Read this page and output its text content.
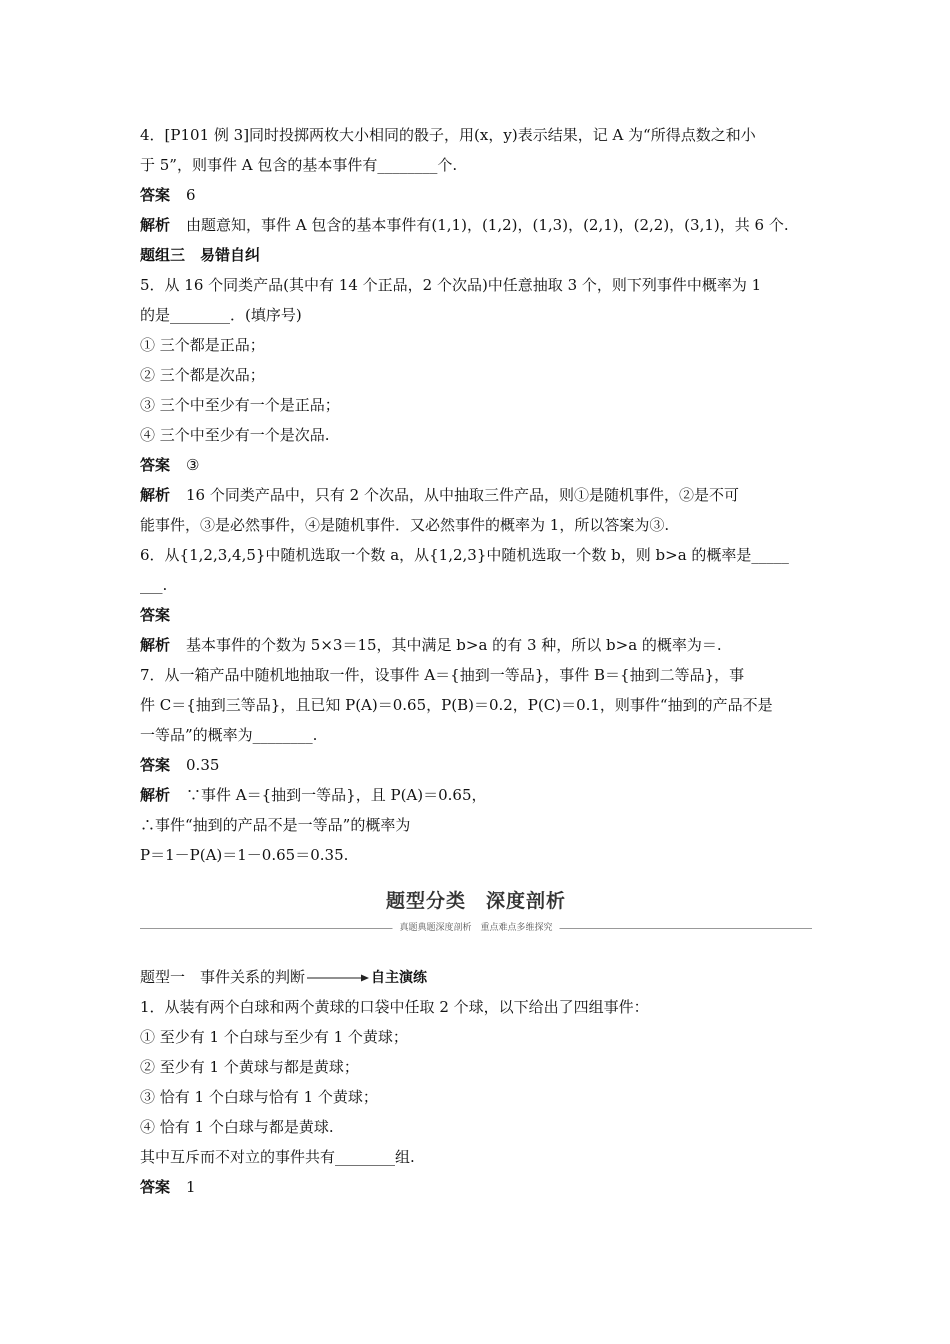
4．[P101 例 3]同时投掷两枚大小相同的骰子，用(x，y)表示结果，记 A 为“所得点数之和小
于 5”，则事件 A 包含的基本事件有________个.
答案 6
解析 由题意知，事件 A 包含的基本事件有(1,1)，(1,2)，(1,3)，(2,1)，(2,2)，(3,1)，共 6 个.
题组三　易错自纠
5．从 16 个同类产品(其中有 14 个正品，2 个次品)中任意抽取 3 个，则下列事件中概率为 1
的是________．(填序号)
① 三个都是正品；
② 三个都是次品；
③ 三个中至少有一个是正品；
④ 三个中至少有一个是次品.
答案 ③
解析 16 个同类产品中，只有 2 个次品，从中抽取三件产品，则①是随机事件，②是不可
能事件，③是必然事件，④是随机事件．又必然事件的概率为 1，所以答案为③.
6．从{1,2,3,4,5}中随机选取一个数 a，从{1,2,3}中随机选取一个数 b，则 b>a 的概率是_____
___.
答案
解析 基本事件的个数为 5×3＝15，其中满足 b>a 的有 3 种，所以 b>a 的概率为＝.
7．从一箱产品中随机地抽取一件，设事件 A＝{抽到一等品}，事件 B＝{抽到二等品}，事
件 C＝{抽到三等品}，且已知 P(A)＝0.65，P(B)＝0.2，P(C)＝0.1，则事件“抽到的产品不是
一等品”的概率为________.
答案 0.35
解析 ∵事件 A＝{抽到一等品}，且 P(A)＝0.65，
∴事件“抽到的产品不是一等品”的概率为
P＝1－P(A)＝1－0.65＝0.35.
题型分类　深度剖析
真题典题深度剖析　重点难点多维探究
题型一　事件关系的判断	自主演练
1．从装有两个白球和两个黄球的口袋中任取 2 个球，以下给出了四组事件：
① 至少有 1 个白球与至少有 1 个黄球；
② 至少有 1 个黄球与都是黄球；
③ 恰有 1 个白球与恰有 1 个黄球；
④ 恰有 1 个白球与都是黄球.
其中互斥而不对立的事件共有________组.
答案 1
